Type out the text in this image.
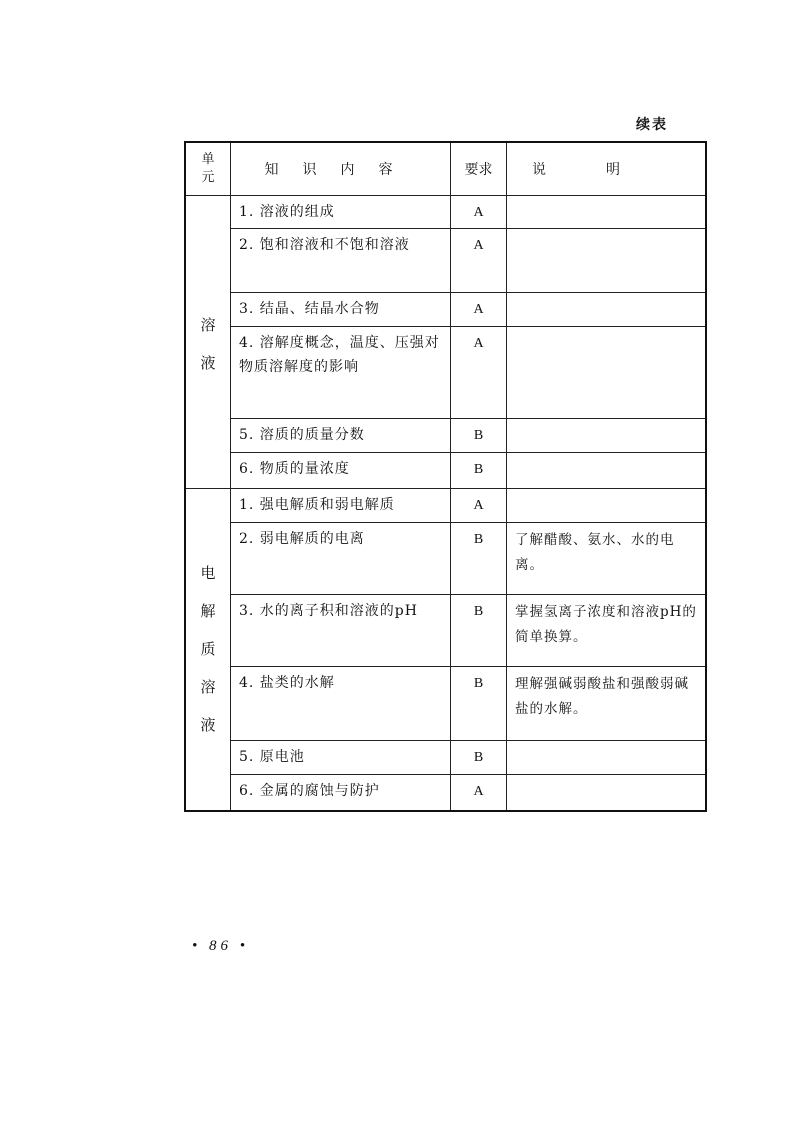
续表
单
元	知识内容	要求	说明

溶
液	1. 溶液的组成	A	
	2. 饱和溶液和不饱和溶液	A	
	3. 结晶、结晶水合物	A	
	4. 溶解度概念，温度、压强对物质溶解度的影响	A	
	5. 溶质的质量分数	B	
	6. 物质的量浓度	B	

电
解
质
溶
液	1. 强电解质和弱电解质	A	
	2. 弱电解质的电离	B	了解醋酸、氨水、水的电离。
	3. 水的离子积和溶液的pH	B	掌握氢离子浓度和溶液pH的简单换算。
	4. 盐类的水解	B	理解强碱弱酸盐和强酸弱碱盐的水解。
	5. 原电池	B	
	6. 金属的腐蚀与防护	A	
• 86 •
